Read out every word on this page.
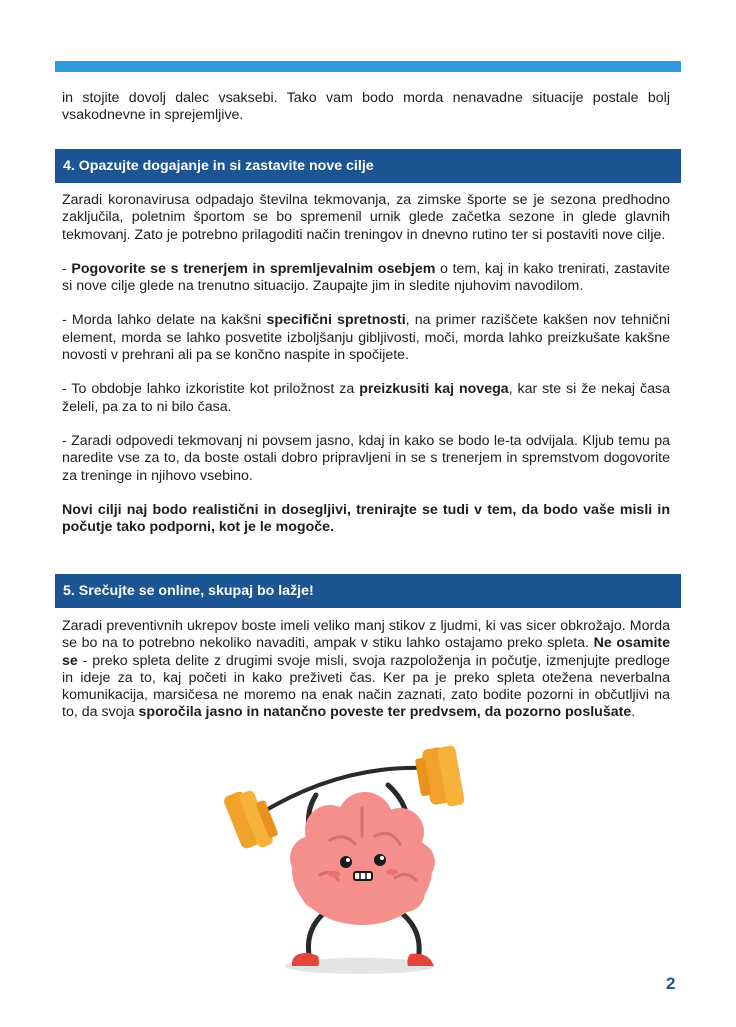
in stojite dovolj dalec vsaksebi. Tako vam bodo morda nenavadne situacije postale bolj vsakodnevne in sprejemljive.

4. Opazujte dogajanje in si zastavite nove cilje

Zaradi koronavirusa odpadajo številna tekmovanja, za zimske športe se je sezona predhodno zaključila, poletnim športom se bo spremenil urnik glede začetka sezone in glede glavnih tekmovanj. Zato je potrebno prilagoditi način treningov in dnevno rutino ter si postaviti nove cilje.

- Pogovorite se s trenerjem in spremljevalnim osebjem o tem, kaj in kako trenirati, zastavite si nove cilje glede na trenutno situacijo. Zaupajte jim in sledite njuhovim navodilom.

- Morda lahko delate na kakšni specifični spretnosti, na primer raziščete kakšen nov tehnični element, morda se lahko posvetite izboljšanju gibljivosti, moči, morda lahko preizkušate kakšne novosti v prehrani ali pa se končno naspite in spočijete.

- To obdobje lahko izkoristite kot priložnost za preizkusiti kaj novega, kar ste si že nekaj časa želeli, pa za to ni bilo časa.

- Zaradi odpovedi tekmovanj ni povsem jasno, kdaj in kako se bodo le-ta odvijala. Kljub temu pa naredite vse za to, da boste ostali dobro pripravljeni in se s trenerjem in spremstvom dogovorite za treninge in njihovo vsebino.

Novi cilji naj bodo realistični in dosegljivi, trenirajte se tudi v tem, da bodo vaše misli in počutje tako podporni, kot je le mogoče.

5. Srečujte se online, skupaj bo lažje!

Zaradi preventivnih ukrepov boste imeli veliko manj stikov z ljudmi, ki vas sicer obkrožajo. Morda se bo na to potrebno nekoliko navaditi, ampak v stiku lahko ostajamo preko spleta. Ne osamite se - preko spleta delite z drugimi svoje misli, svoja razpoloženja in počutje, izmenjujte predloge in ideje za to, kaj početi in kako preživeti čas. Ker pa je preko spleta otežena neverbalna komunikacija, marsičesa ne moremo na enak način zaznati, zato bodite pozorni in občutljivi na to, da svoja sporočila jasno in natančno poveste ter predvsem, da pozorno poslušate.

2
